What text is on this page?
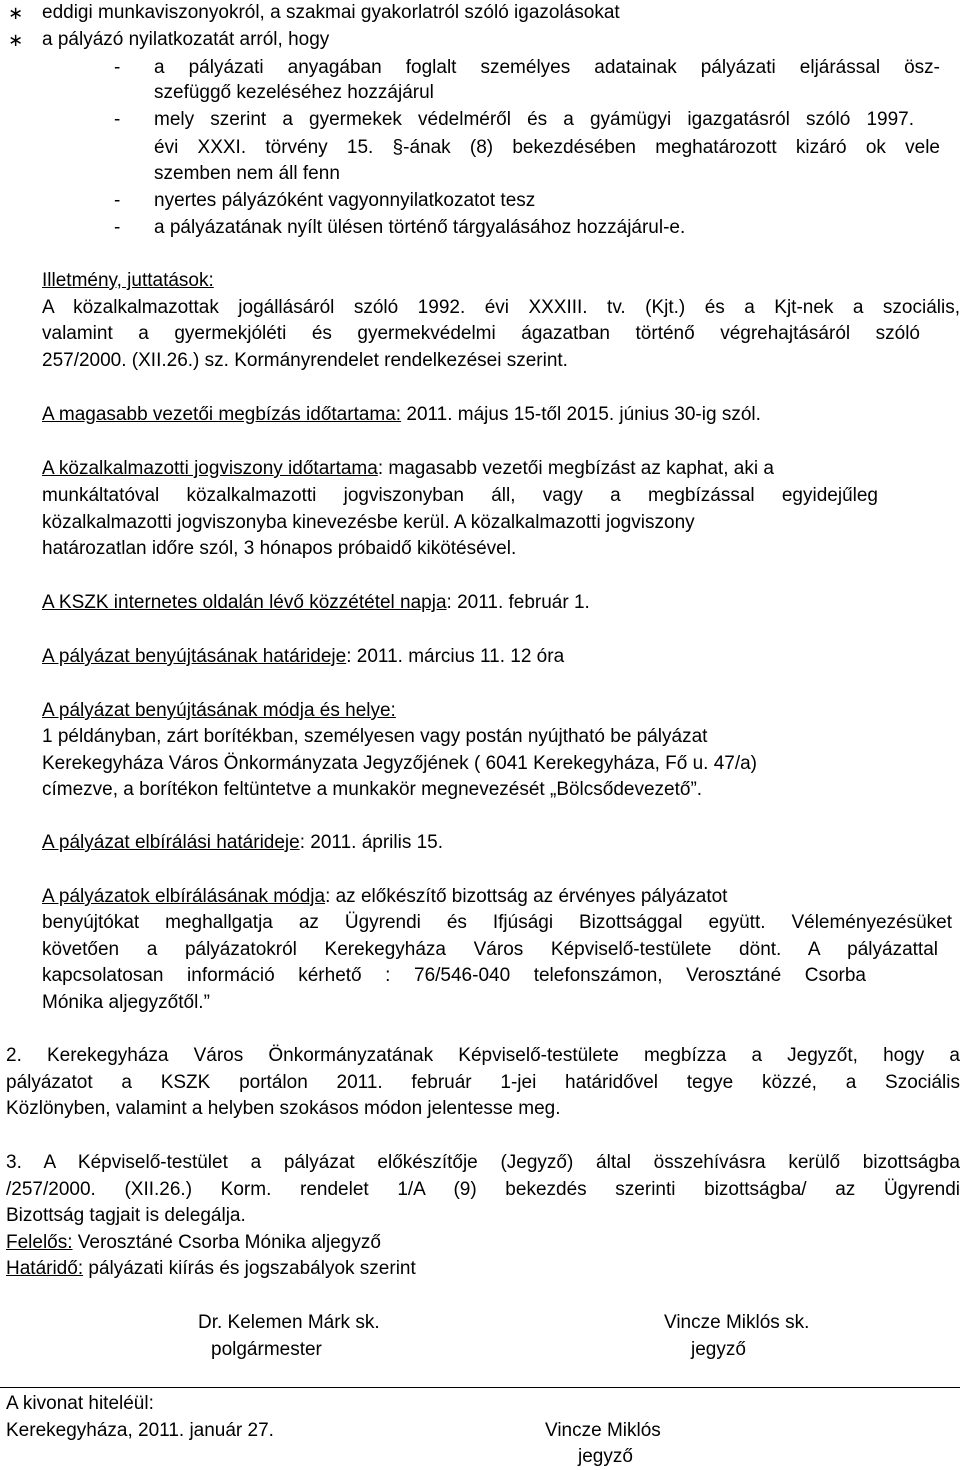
∗ eddigi munkaviszonyokról, a szakmai gyakorlatról szóló igazolásokat
∗ a pályázó nyilatkozatát arról, hogy
- a pályázati anyagában foglalt személyes adatainak pályázati eljárással ösz-
szefüggő kezeléséhez hozzájárul
- mely szerint a gyermekek védelméről és a gyámügyi igazgatásról szóló 1997.
évi XXXI. törvény 15. §-ának (8) bekezdésében meghatározott kizáró ok vele
szemben nem áll fenn
- nyertes pályázóként vagyonnyilatkozatot tesz
- a pályázatának nyílt ülésen történő tárgyalásához hozzájárul-e.
Illetmény, juttatások:
A közalkalmazottak jogállásáról szóló 1992. évi XXXIII. tv. (Kjt.) és a Kjt-nek a szociális,
valamint a gyermekjóléti és gyermekvédelmi ágazatban történő végrehajtásáról szóló
257/2000. (XII.26.) sz. Kormányrendelet rendelkezései szerint.
A magasabb vezetői megbízás időtartama: 2011. május 15-től 2015. június 30-ig szól.
A közalkalmazotti jogviszony időtartama: magasabb vezetői megbízást az kaphat, aki a
munkáltatóval közalkalmazotti jogviszonyban áll, vagy a megbízással egyidejűleg
közalkalmazotti jogviszonyba kinevezésbe kerül. A közalkalmazotti jogviszony
határozatlan időre szól, 3 hónapos próbaidő kikötésével.
A KSZK internetes oldalán lévő közzététel napja: 2011. február 1.
A pályázat benyújtásának határideje: 2011. március 11. 12 óra
A pályázat benyújtásának módja és helye:
1 példányban, zárt borítékban, személyesen vagy postán nyújtható be pályázat
Kerekegyháza Város Önkormányzata Jegyzőjének ( 6041 Kerekegyháza, Fő u. 47/a)
címezve, a borítékon feltüntetve a munkakör megnevezését „Bölcsődevezető”.
A pályázat elbírálási határideje: 2011. április 15.
A pályázatok elbírálásának módja: az előkészítő bizottság az érvényes pályázatot
benyújtókat meghallgatja az Ügyrendi és Ifjúsági Bizottsággal együtt. Véleményezésüket
követően a pályázatokról Kerekegyháza Város Képviselő-testülete dönt. A pályázattal
kapcsolatosan információ kérhető : 76/546-040 telefonszámon, Verosztáné Csorba
Mónika aljegyzőtől.”
2. Kerekegyháza Város Önkormányzatának Képviselő-testülete megbízza a Jegyzőt, hogy a
pályázatot a KSZK portálon 2011. február 1-jei határidővel tegye közzé, a Szociális
Közlönyben, valamint a helyben szokásos módon jelentesse meg.
3. A Képviselő-testület a pályázat előkészítője (Jegyző) által összehívásra kerülő bizottságba
/257/2000. (XII.26.) Korm. rendelet 1/A (9) bekezdés szerinti bizottságba/ az Ügyrendi
Bizottság tagjait is delegálja.
Felelős: Verosztáné Csorba Mónika aljegyző
Határidő: pályázati kiírás és jogszabályok szerint
Dr. Kelemen Márk sk.
polgármester
Vincze Miklós sk.
jegyző
A kivonat hiteléül:
Kerekegyháza, 2011. január 27.	Vincze Miklós
jegyző
